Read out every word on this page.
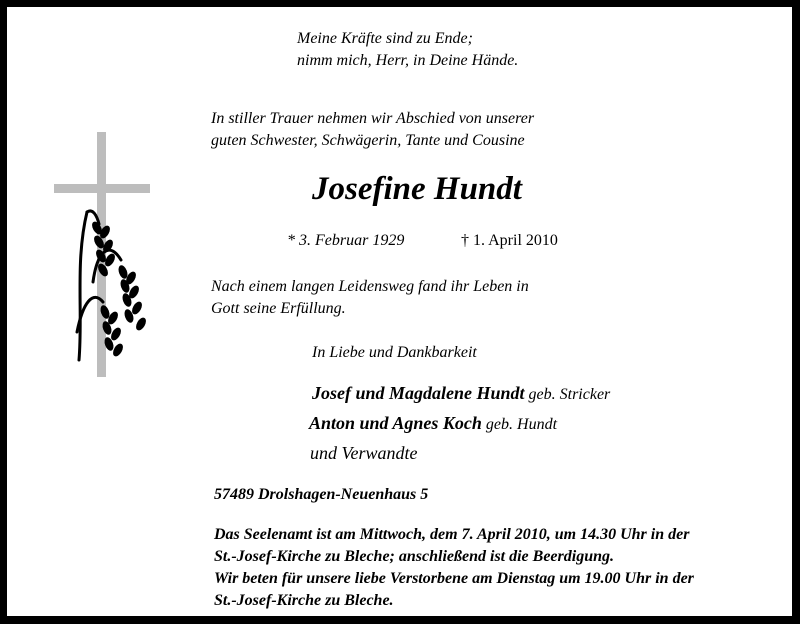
Meine Kräfte sind zu Ende;
nimm mich, Herr, in Deine Hände.
In stiller Trauer nehmen wir Abschied von unserer
guten Schwester, Schwägerin, Tante und Cousine
Josefine Hundt
* 3. Februar 1929	† 1. April 2010
Nach einem langen Leidensweg fand ihr Leben in
Gott seine Erfüllung.
In Liebe und Dankbarkeit
Josef und Magdalene Hundt geb. Stricker
Anton und Agnes Koch geb. Hundt
und Verwandte
57489 Drolshagen-Neuenhaus 5
Das Seelenamt ist am Mittwoch, dem 7. April 2010, um 14.30 Uhr in der
St.-Josef-Kirche zu Bleche; anschließend ist die Beerdigung.
Wir beten für unsere liebe Verstorbene am Dienstag um 19.00 Uhr in der
St.-Josef-Kirche zu Bleche.
